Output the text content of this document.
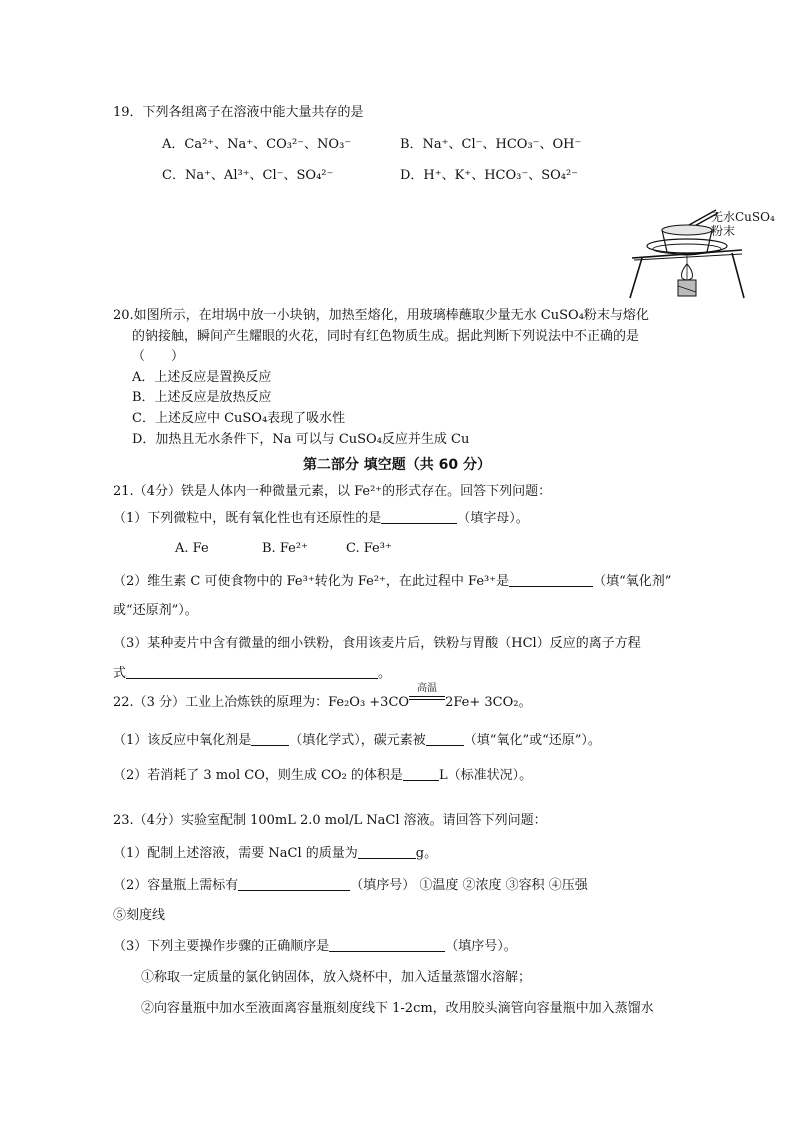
19．下列各组离子在溶液中能大量共存的是
A．Ca²⁺、Na⁺、CO₃²⁻、NO₃⁻	B．Na⁺、Cl⁻、HCO₃⁻、OH⁻
C．Na⁺、Al³⁺、Cl⁻、SO₄²⁻	D．H⁺、K⁺、HCO₃⁻、SO₄²⁻
无水CuSO₄
粉末
20.如图所示，在坩埚中放一小块钠，加热至熔化，用玻璃棒蘸取少量无水 CuSO₄粉末与熔化
的钠接触，瞬间产生耀眼的火花，同时有红色物质生成。据此判断下列说法中不正确的是
（　　）
A．上述反应是置换反应
B．上述反应是放热反应
C．上述反应中 CuSO₄表现了吸水性
D．加热且无水条件下，Na 可以与 CuSO₄反应并生成 Cu
第二部分 填空题（共 60 分）
21.（4分）铁是人体内一种微量元素，以 Fe²⁺的形式存在。回答下列问题：
（1）下列微粒中，既有氧化性也有还原性的是	（填字母）。
A. Fe	B. Fe²⁺	C. Fe³⁺
（2）维生素 C 可使食物中的 Fe³⁺转化为 Fe²⁺，在此过程中 Fe³⁺是	（填“氧化剂”
或“还原剂”）。
（3）某种麦片中含有微量的细小铁粉，食用该麦片后，铁粉与胃酸（HCl）反应的离子方程
式	。
22.（3 分）工业上冶炼铁的原理为：Fe₂O₃ +3CO
高温
2Fe+ 3CO₂。
（1）该反应中氧化剂是	（填化学式），碳元素被	（填“氧化”或“还原”）。
（2）若消耗了 3 mol CO，则生成 CO₂ 的体积是	L（标准状况）。
23.（4分）实验室配制 100mL 2.0 mol/L NaCl 溶液。请回答下列问题：
（1）配制上述溶液，需要 NaCl 的质量为	g。
（2）容量瓶上需标有	（填序号） ①温度 ②浓度 ③容积 ④压强
⑤刻度线
（3）下列主要操作步骤的正确顺序是	（填序号）。
①称取一定质量的氯化钠固体，放入烧杯中，加入适量蒸馏水溶解；
②向容量瓶中加水至液面离容量瓶刻度线下 1-2cm，改用胶头滴管向容量瓶中加入蒸馏水
